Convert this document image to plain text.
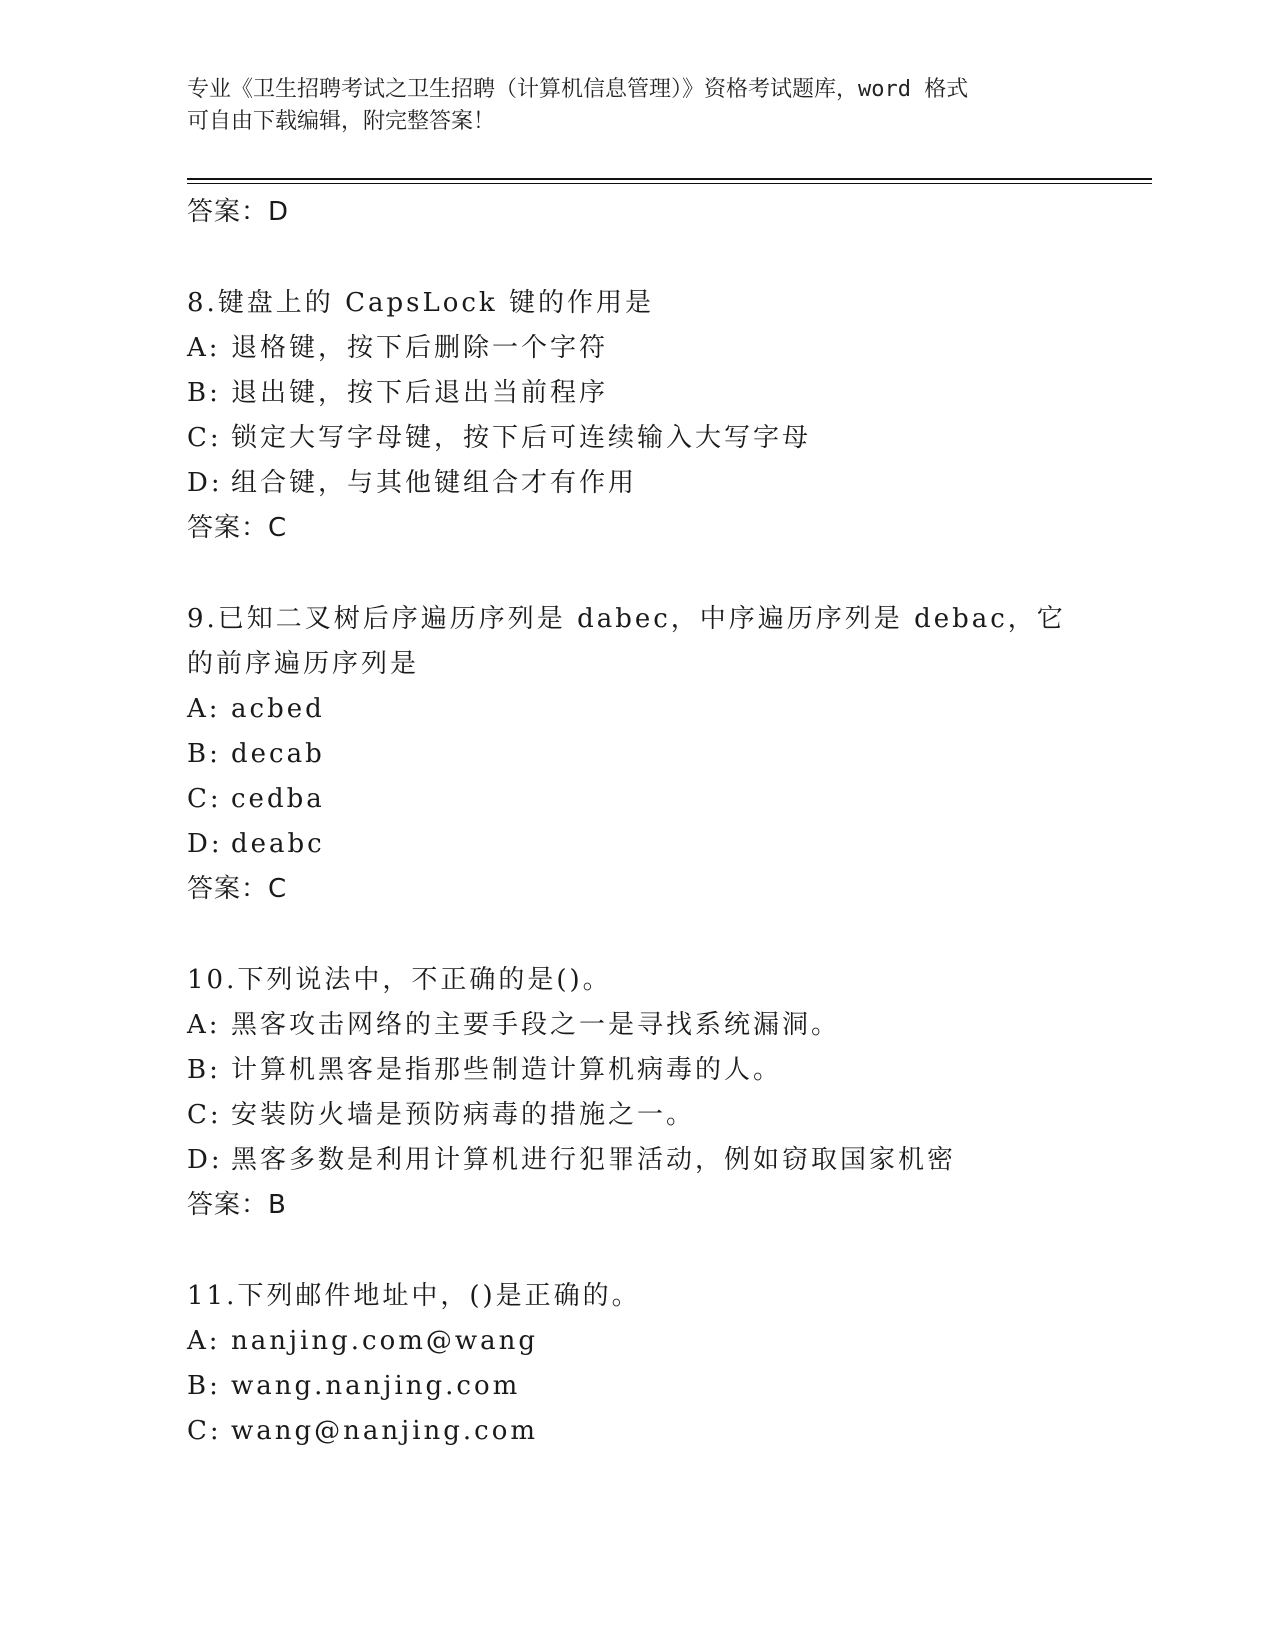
专业《卫生招聘考试之卫生招聘（计算机信息管理）》资格考试题库，word 格式
可自由下载编辑，附完整答案！
答案：D
8.键盘上的 CapsLock 键的作用是
A: 退格键，按下后删除一个字符
B: 退出键，按下后退出当前程序
C: 锁定大写字母键，按下后可连续输入大写字母
D: 组合键，与其他键组合才有作用
答案：C
9.已知二叉树后序遍历序列是 dabec，中序遍历序列是 debac，它的前序遍历序列是
A: acbed
B: decab
C: cedba
D: deabc
答案：C
10.下列说法中，不正确的是()。
A: 黑客攻击网络的主要手段之一是寻找系统漏洞。
B: 计算机黑客是指那些制造计算机病毒的人。
C: 安装防火墙是预防病毒的措施之一。
D: 黑客多数是利用计算机进行犯罪活动，例如窃取国家机密
答案：B
11.下列邮件地址中，()是正确的。
A: nanjing.com@wang
B: wang.nanjing.com
C: wang@nanjing.com
